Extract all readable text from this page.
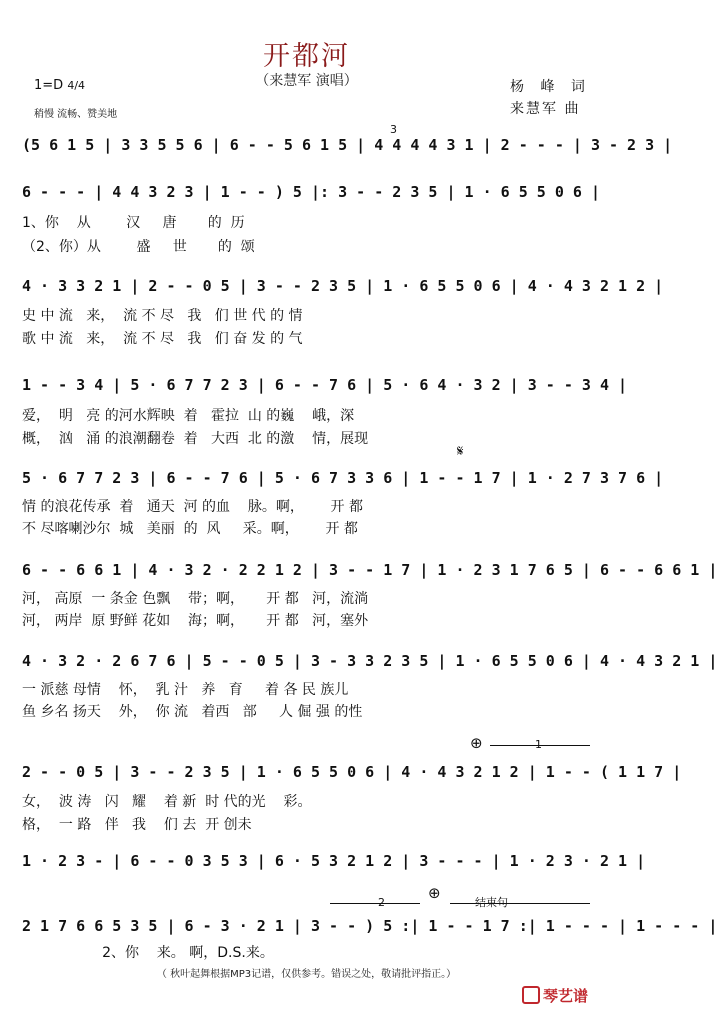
开都河
（来慧军 演唱）
1=D 4/4
稍慢 流畅、赞美地
杨 峰 词
来慧军 曲
3
(5 6 1 5 | 3 3 5 5 6 | 6 - - 5 6 1 5 | 4 4 4 4 3 1 | 2 - - - | 3 - 2 3 |
6 - - - | 4 4 3 2 3 | 1 - - ) 5 |: 3 - - 2 3 5 | 1 · 6 5 5 0 6 |
4 · 3 3 2 1 | 2 - - 0 5 | 3 - - 2 3 5 | 1 · 6 5 5 0 6 | 4 · 4 3 2 1 2 |
1 - - 3 4 | 5 · 6 7 7 2 3 | 6 - - 7 6 | 5 · 6 4 · 3 2 | 3 - - 3 4 |
5 · 6 7 7 2 3 | 6 - - 7 6 | 5 · 6 7 3 3 6 | 1 - - 1 7 | 1 · 2 7 3 7 6 |
6 - - 6 6 1 | 4 · 3 2 · 2 2 1 2 | 3 - - 1 7 | 1 · 2 3 1 7 6 5 | 6 - - 6 6 1 |
4 · 3 2 · 2 6 7 6 | 5 - - 0 5 | 3 - 3 3 2 3 5 | 1 · 6 5 5 0 6 | 4 · 4 3 2 1 |
2 - - 0 5 | 3 - - 2 3 5 | 1 · 6 5 5 0 6 | 4 · 4 3 2 1 2 | 1 - - ( 1 1 7 |
1 · 2 3 - | 6 - - 0 3 5 3 | 6 · 5 3 2 1 2 | 3 - - - | 1 · 2 3 · 2 1 |
2 1 7 6 6 5 3 5 | 6 - 3 · 2 1 | 3 - - ) 5 :| 1 - - 1 7 :| 1 - - - | 1 - - - |
1、你    从        汉     唐       的  历
（2、你）从        盛     世       的  颂
史 中 流   来，  流 不 尽   我   们 世 代 的 情
歌 中 流   来，  流 不 尽   我   们 奋 发 的 气
爱，  明   亮 的河水辉映  着   霍拉  山 的巍    峨，深
概，  汹   涌 的浪潮翻卷  着   大西  北 的激    情，展现
情 的浪花传承  着   通天  河 的血    脉。啊，      开 都
不 尽喀喇沙尔  城   美丽  的  风     采。啊，      开 都
河， 高原  一 条金 色飘    带；啊，     开 都   河，流淌
河， 两岸  原 野鲜 花如    海；啊，     开 都   河，塞外
一 派慈 母情    怀，  乳 汁   养   育     着 各 民 族儿
鱼 乡名 扬天    外，  你 流   着西   部     人 倔 强 的性
女，  波 涛   闪   耀    着 新  时 代的光    彩。
格，  一 路   伴   我    们 去  开 创未
2、你    来。 啊，D.S.来。
𝄋
⊕
⊕
1
2	结束句
（ 秋叶起舞根据MP3记谱，仅供参考。错误之处，敬请批评指正。）
琴艺谱
